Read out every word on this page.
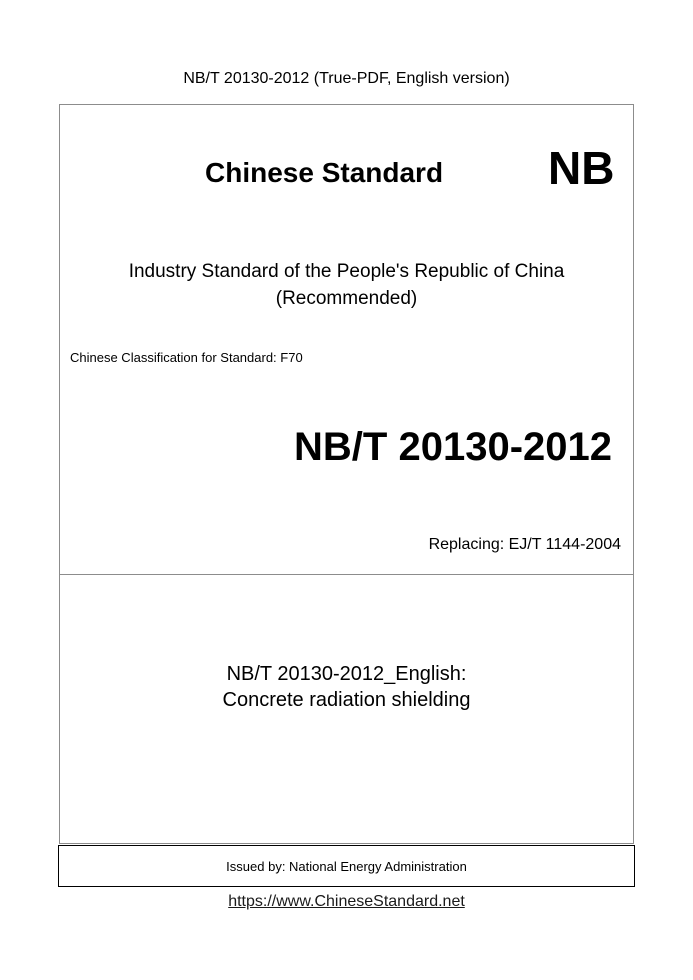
NB/T 20130-2012 (True-PDF, English version)
Chinese Standard NB
Industry Standard of the People's Republic of China
(Recommended)
Chinese Classification for Standard: F70
NB/T 20130-2012
Replacing: EJ/T 1144-2004
NB/T 20130-2012_English:
Concrete radiation shielding
Issued by: National Energy Administration
https://www.ChineseStandard.net
